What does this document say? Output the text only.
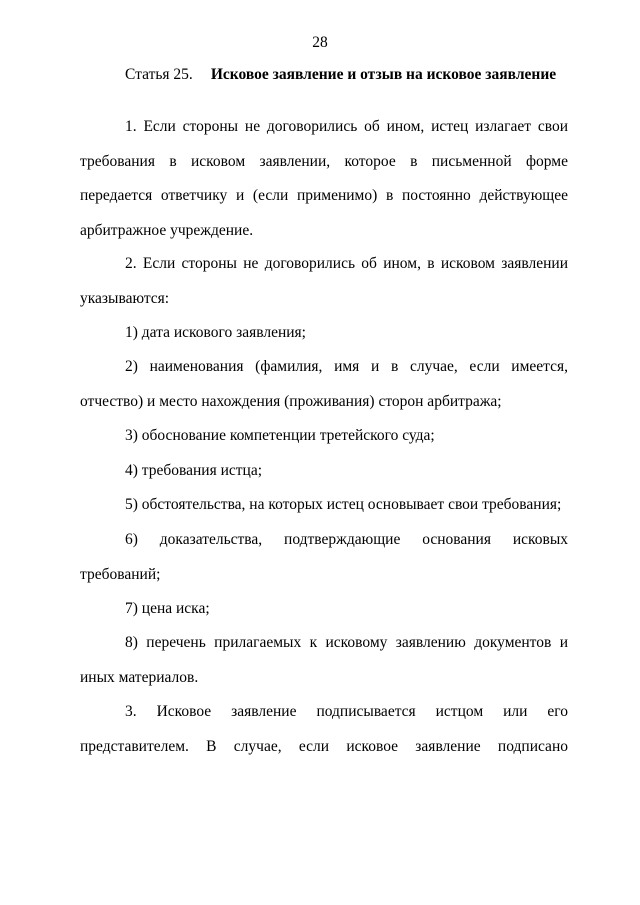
28
Статья 25. Исковое заявление и отзыв на исковое заявление

1. Если стороны не договорились об ином, истец излагает свои требования в исковом заявлении, которое в письменной форме передается ответчику и (если применимо) в постоянно действующее арбитражное учреждение.

2. Если стороны не договорились об ином, в исковом заявлении указываются:

1) дата искового заявления;

2) наименования (фамилия, имя и в случае, если имеется, отчество) и место нахождения (проживания) сторон арбитража;

3) обоснование компетенции третейского суда;

4) требования истца;

5) обстоятельства, на которых истец основывает свои требования;

6) доказательства, подтверждающие основания исковых требований;

7) цена иска;

8) перечень прилагаемых к исковому заявлению документов и иных материалов.

3. Исковое заявление подписывается истцом или его представителем. В случае, если исковое заявление подписано
